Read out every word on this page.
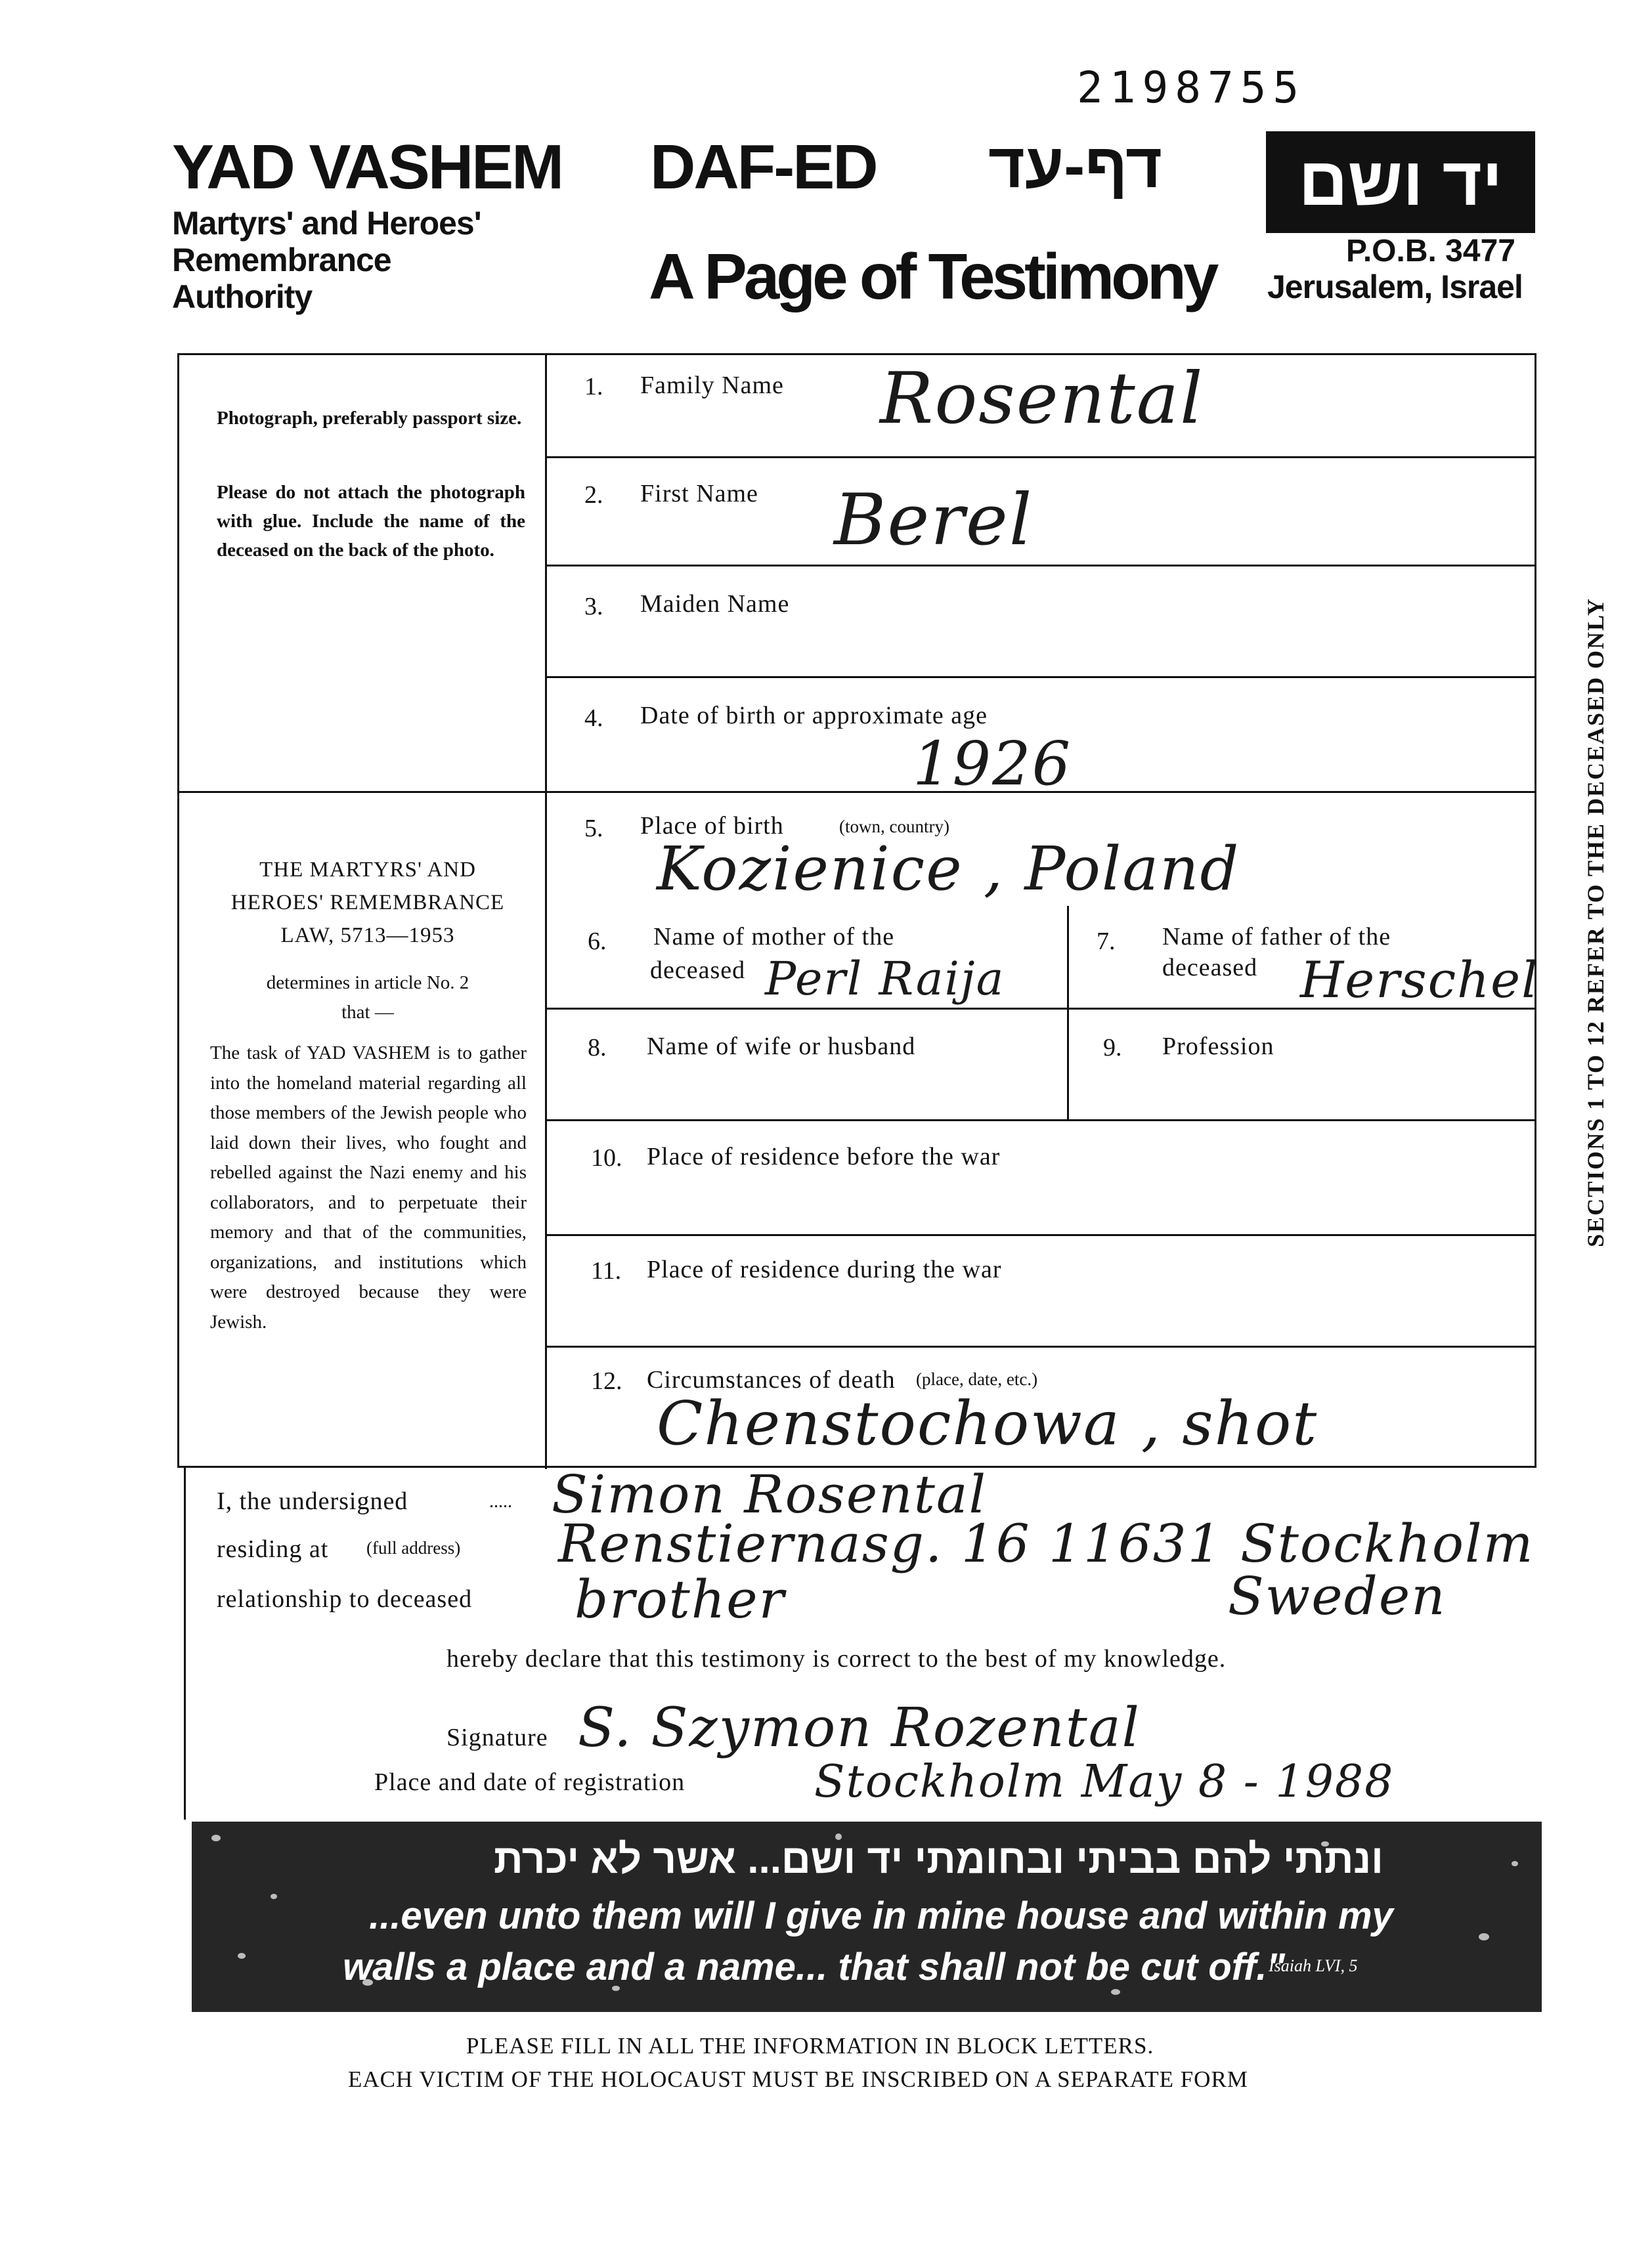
2198755
YAD VASHEM
Martyrs' and Heroes'
Remembrance
Authority
DAF-ED דף-עד
A Page of Testimony
יד ושם
P.O.B. 3477
Jerusalem, Israel
Photograph, preferably passport size.
Please do not attach the photograph with glue. Include the name of the deceased on the back of the photo.
THE MARTYRS' AND
HEROES' REMEMBRANCE
LAW, 5713—1953
determines in article No. 2
that —
The task of YAD VASHEM is to gather into the homeland material regarding all those members of the Jewish people who laid down their lives, who fought and rebelled against the Nazi enemy and his collaborators, and to perpetuate their memory and that of the communities, organizations, and institutions which were destroyed because they were Jewish.
1. Family Name Rosental
2. First Name Berel
3. Maiden Name
4. Date of birth or approximate age
1926
5. Place of birth	(town, country)
Kozienice , Poland
6. Name of mother of the
deceased Perl Raija
7. Name of father of the
deceased Herschel
8. Name of wife or husband	9. Profession
10. Place of residence before the war
11. Place of residence during the war
12. Circumstances of death (place, date, etc.)
Chenstochowa , shot
SECTIONS 1 TO 12 REFER TO THE DECEASED ONLY
I, the undersigned	..... Simon Rosental
residing at (full address) Renstiernasg. 16 11631 Stockholm
Sweden
relationship to deceased brother
hereby declare that this testimony is correct to the best of my knowledge.
Signature S. Szymon Rozental
Place and date of registration	Stockholm May 8 - 1988
ונתתי להם בביתי ובחומתי יד ושם... אשר לא יכרת
...even unto them will I give in mine house and within my
walls a place and a name... that shall not be cut off."
Isaiah LVI, 5
PLEASE FILL IN ALL THE INFORMATION IN BLOCK LETTERS.
EACH VICTIM OF THE HOLOCAUST MUST BE INSCRIBED ON A SEPARATE FORM
